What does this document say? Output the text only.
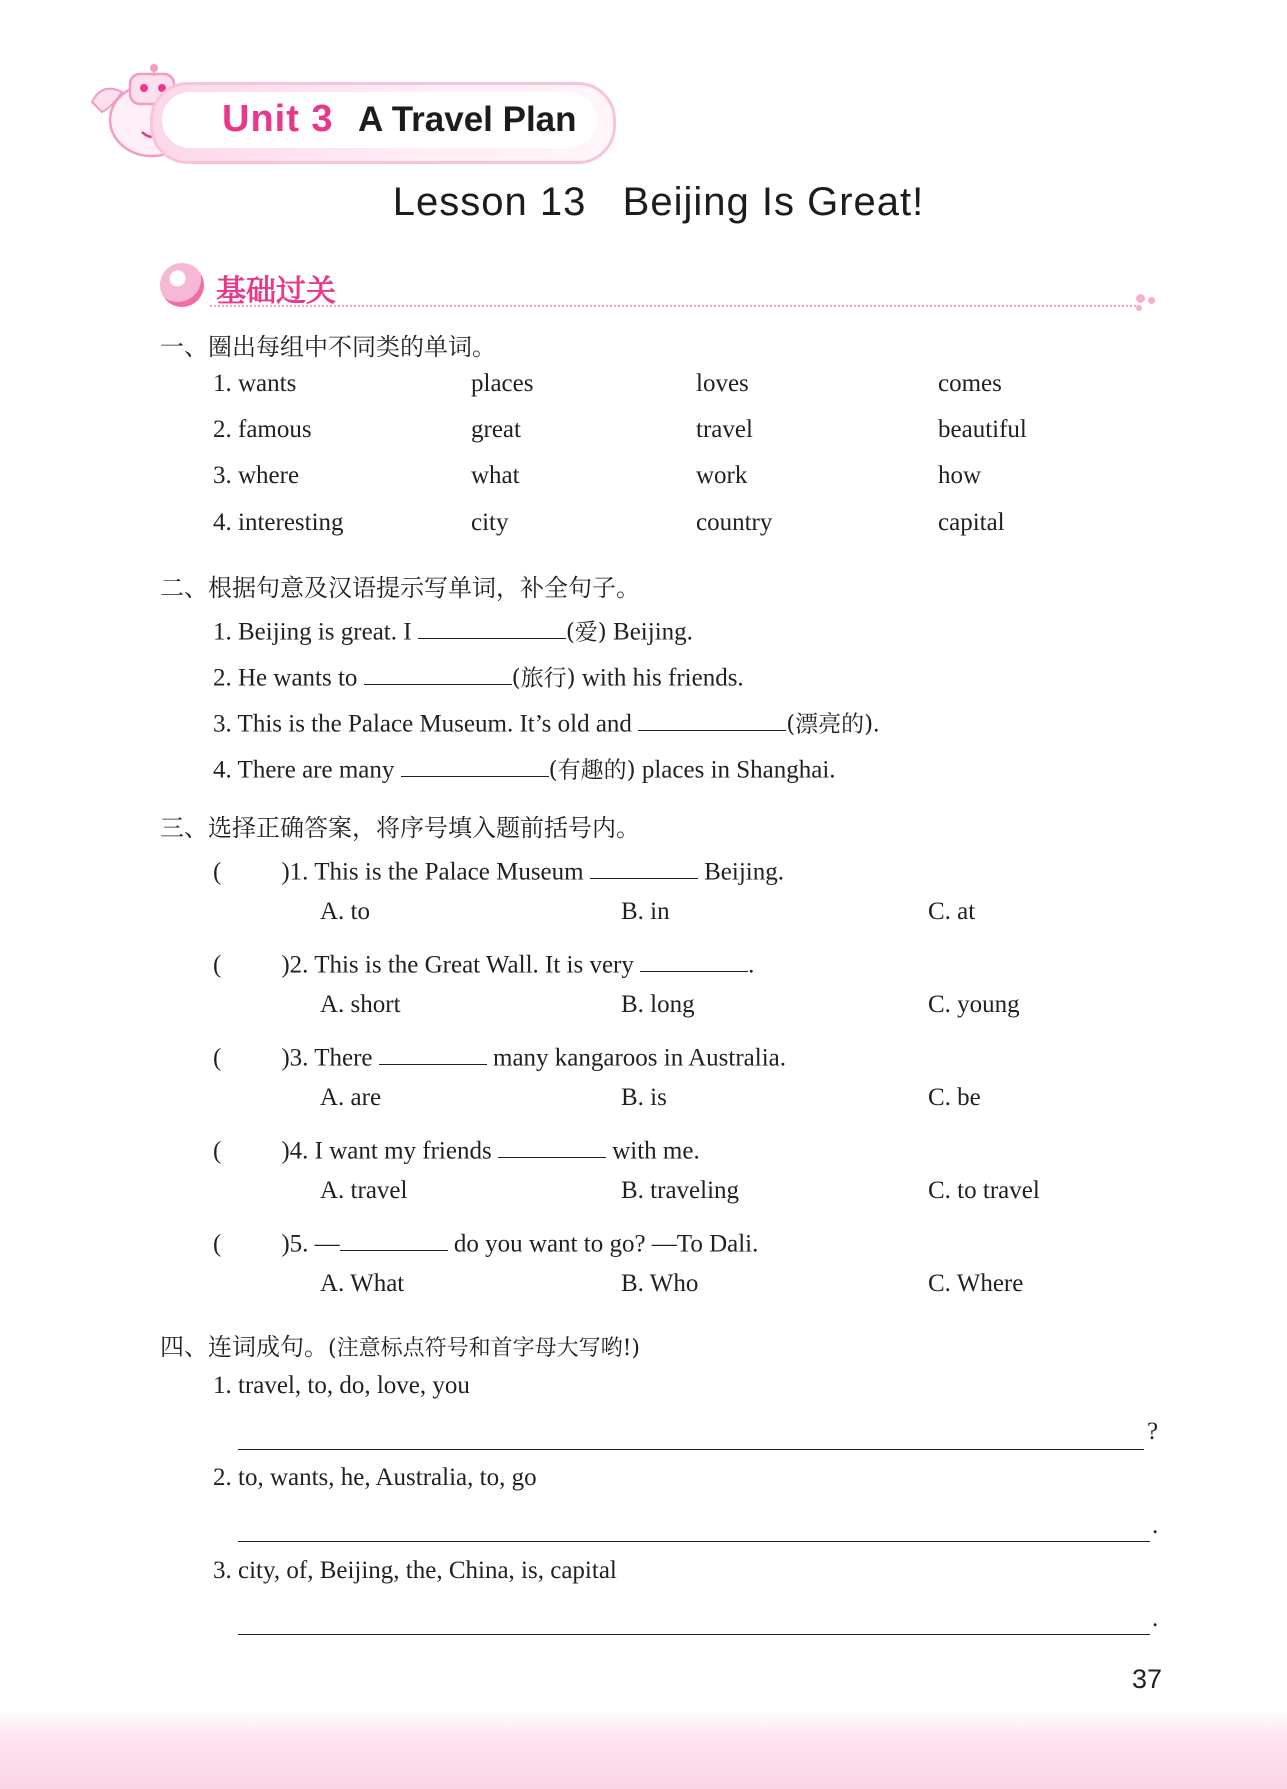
Unit 3 A Travel Plan
Lesson 13   Beijing Is Great!
基础过关
一、圈出每组中不同类的单词。
1. wants	places	loves	comes
2. famous	great	travel	beautiful
3. where	what	work	how
4. interesting	city	country	capital
二、根据句意及汉语提示写单词，补全句子。
1. Beijing is great. I	(爱) Beijing.
2. He wants to	(旅行) with his friends.
3. This is the Palace Museum. It’s old and	(漂亮的).
4. There are many	(有趣的) places in Shanghai.
三、选择正确答案，将序号填入题前括号内。
( )1. This is the Palace Museum	Beijing.
A. to	B. in	C. at
( )2. This is the Great Wall. It is very	.
A. short	B. long	C. young
( )3. There	many kangaroos in Australia.
A. are	B. is	C. be
( )4. I want my friends	with me.
A. travel	B. traveling	C. to travel
( )5. —	do you want to go? —To Dali.
A. What	B. Who	C. Where
四、连词成句。(注意标点符号和首字母大写哟!)
1. travel, to, do, love, you
?
2. to, wants, he, Australia, to, go
.
3. city, of, Beijing, the, China, is, capital
.
37
